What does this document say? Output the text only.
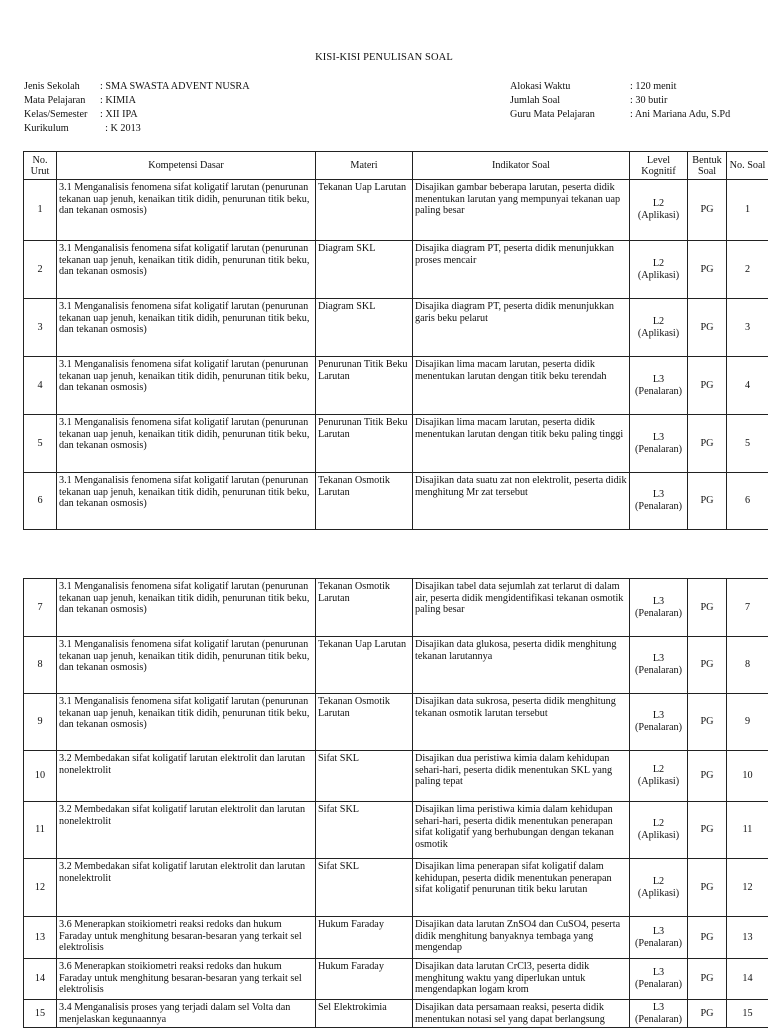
KISI-KISI PENULISAN SOAL
Jenis Sekolah	: SMA SWASTA ADVENT NUSRA
Mata Pelajaran	: KIMIA
Kelas/Semester	: XII IPA
Kurikulum	: K 2013
Alokasi Waktu	: 120 menit
Jumlah Soal	: 30 butir
Guru Mata Pelajaran	: Ani Mariana Adu, S.Pd
No. Urut	Kompetensi Dasar	Materi	Indikator Soal	Level Kognitif	Bentuk Soal	No. Soal
1	3.1 Menganalisis fenomena sifat koligatif larutan (penurunan tekanan uap jenuh, kenaikan titik didih, penurunan titik beku, dan tekanan osmosis)	Tekanan Uap Larutan	Disajikan gambar beberapa larutan, peserta didik menentukan larutan yang mempunyai tekanan uap paling besar	L2 (Aplikasi)	PG	1
2	3.1 Menganalisis fenomena sifat koligatif larutan (penurunan tekanan uap jenuh, kenaikan titik didih, penurunan titik beku, dan tekanan osmosis)	Diagram SKL	Disajika diagram PT, peserta didik menunjukkan proses mencair	L2 (Aplikasi)	PG	2
3	3.1 Menganalisis fenomena sifat koligatif larutan (penurunan tekanan uap jenuh, kenaikan titik didih, penurunan titik beku, dan tekanan osmosis)	Diagram SKL	Disajika diagram PT, peserta didik menunjukkan garis beku pelarut	L2 (Aplikasi)	PG	3
4	3.1 Menganalisis fenomena sifat koligatif larutan (penurunan tekanan uap jenuh, kenaikan titik didih, penurunan titik beku, dan tekanan osmosis)	Penurunan Titik Beku Larutan	Disajikan lima macam larutan, peserta didik menentukan larutan dengan titik beku terendah	L3 (Penalaran)	PG	4
5	3.1 Menganalisis fenomena sifat koligatif larutan (penurunan tekanan uap jenuh, kenaikan titik didih, penurunan titik beku, dan tekanan osmosis)	Penurunan Titik Beku Larutan	Disajikan lima macam larutan, peserta didik menentukan larutan dengan titik beku paling tinggi	L3 (Penalaran)	PG	5
6	3.1 Menganalisis fenomena sifat koligatif larutan (penurunan tekanan uap jenuh, kenaikan titik didih, penurunan titik beku, dan tekanan osmosis)	Tekanan Osmotik Larutan	Disajikan data suatu zat non elektrolit, peserta didik menghitung Mr zat tersebut	L3 (Penalaran)	PG	6
7	3.1 Menganalisis fenomena sifat koligatif larutan (penurunan tekanan uap jenuh, kenaikan titik didih, penurunan titik beku, dan tekanan osmosis)	Tekanan Osmotik Larutan	Disajikan tabel data sejumlah zat terlarut di dalam air, peserta didik mengidentifikasi tekanan osmotik paling besar	L3 (Penalaran)	PG	7
8	3.1 Menganalisis fenomena sifat koligatif larutan (penurunan tekanan uap jenuh, kenaikan titik didih, penurunan titik beku, dan tekanan osmosis)	Tekanan Uap Larutan	Disajikan data glukosa, peserta didik menghitung tekanan larutannya	L3 (Penalaran)	PG	8
9	3.1 Menganalisis fenomena sifat koligatif larutan (penurunan tekanan uap jenuh, kenaikan titik didih, penurunan titik beku, dan tekanan osmosis)	Tekanan Osmotik Larutan	Disajikan data sukrosa, peserta didik menghitung tekanan osmotik larutan tersebut	L3 (Penalaran)	PG	9
10	3.2 Membedakan sifat koligatif larutan elektrolit dan larutan nonelektrolit	Sifat SKL	Disajikan dua peristiwa kimia dalam kehidupan sehari-hari, peserta didik menentukan SKL yang paling tepat	L2 (Aplikasi)	PG	10
11	3.2 Membedakan sifat koligatif larutan elektrolit dan larutan nonelektrolit	Sifat SKL	Disajikan lima peristiwa kimia dalam kehidupan sehari-hari, peserta didik menentukan penerapan sifat koligatif yang berhubungan dengan tekanan osmotik	L2 (Aplikasi)	PG	11
12	3.2 Membedakan sifat koligatif larutan elektrolit dan larutan nonelektrolit	Sifat SKL	Disajikan lima penerapan sifat koligatif dalam kehidupan, peserta didik menentukan penerapan sifat koligatif penurunan titik beku larutan	L2 (Aplikasi)	PG	12
13	3.6 Menerapkan stoikiometri reaksi redoks dan hukum Faraday untuk menghitung besaran-besaran yang terkait sel elektrolisis	Hukum Faraday	Disajikan data larutan ZnSO4 dan CuSO4, peserta didik menghitung banyaknya tembaga yang mengendap	L3 (Penalaran)	PG	13
14	3.6 Menerapkan stoikiometri reaksi redoks dan hukum Faraday untuk menghitung besaran-besaran yang terkait sel elektrolisis	Hukum Faraday	Disajikan data larutan CrCl3, peserta didik menghitung waktu yang diperlukan untuk mengendapkan logam krom	L3 (Penalaran)	PG	14
15	3.4 Menganalisis proses yang terjadi dalam sel Volta dan menjelaskan kegunaannya	Sel Elektrokimia	Disajikan data persamaan reaksi, peserta didik menentukan notasi sel yang dapat berlangsung	L3 (Penalaran)	PG	15
